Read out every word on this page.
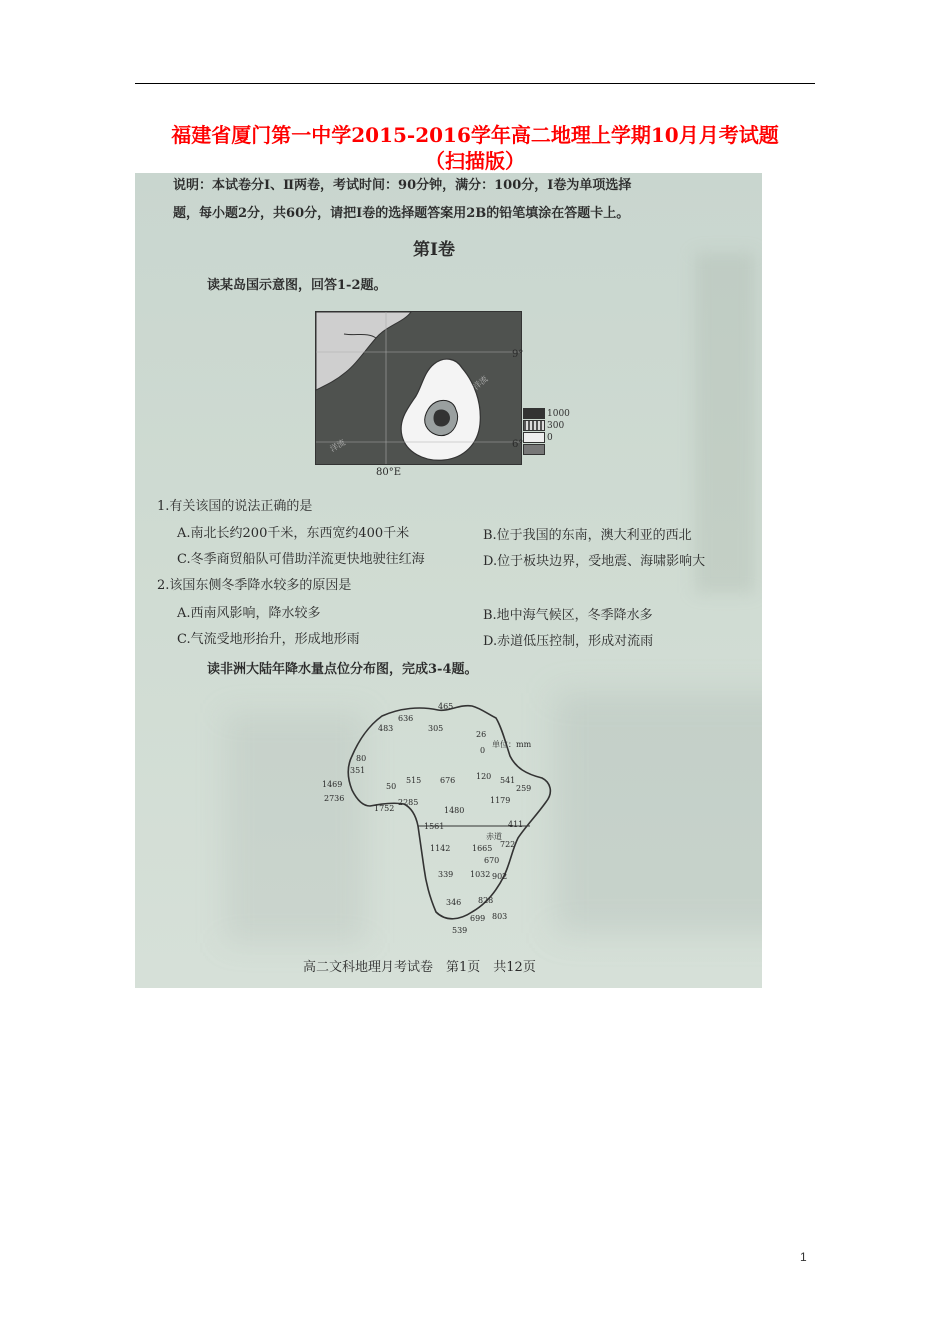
福建省厦门第一中学2015-2016学年高二地理上学期10月月考试题
（扫描版）
说明：本试卷分Ⅰ、Ⅱ两卷，考试时间：90分钟，满分：100分，Ⅰ卷为单项选择
题，每小题2分，共60分，请把Ⅰ卷的选择题答案用2B的铅笔填涂在答题卡上。
第Ⅰ卷
读某岛国示意图，回答1-2题。
洋流
洋流
9°
6°
80°E
1000
300
0
1.有关该国的说法正确的是
A.南北长约200千米，东西宽约400千米	B.位于我国的东南，澳大利亚的西北
C.冬季商贸船队可借助洋流更快地驶往红海	D.位于板块边界，受地震、海啸影响大
2.该国东侧冬季降水较多的原因是
A.西南风影响，降水较多	B.地中海气候区，冬季降水多
C.气流受地形抬升，形成地形雨	D.赤道低压控制，形成对流雨
读非洲大陆年降水量点位分布图，完成3-4题。
单位：mm
赤道
465
636
483	305
26
0
80
351
515 676	120
1469	50
541
259
2736
1752
2285
1480
1179
1561	411
1142	1665 722
670
339 1032 902
346 828
699 803
539
高二文科地理月考试卷　第1页　共12页
1
